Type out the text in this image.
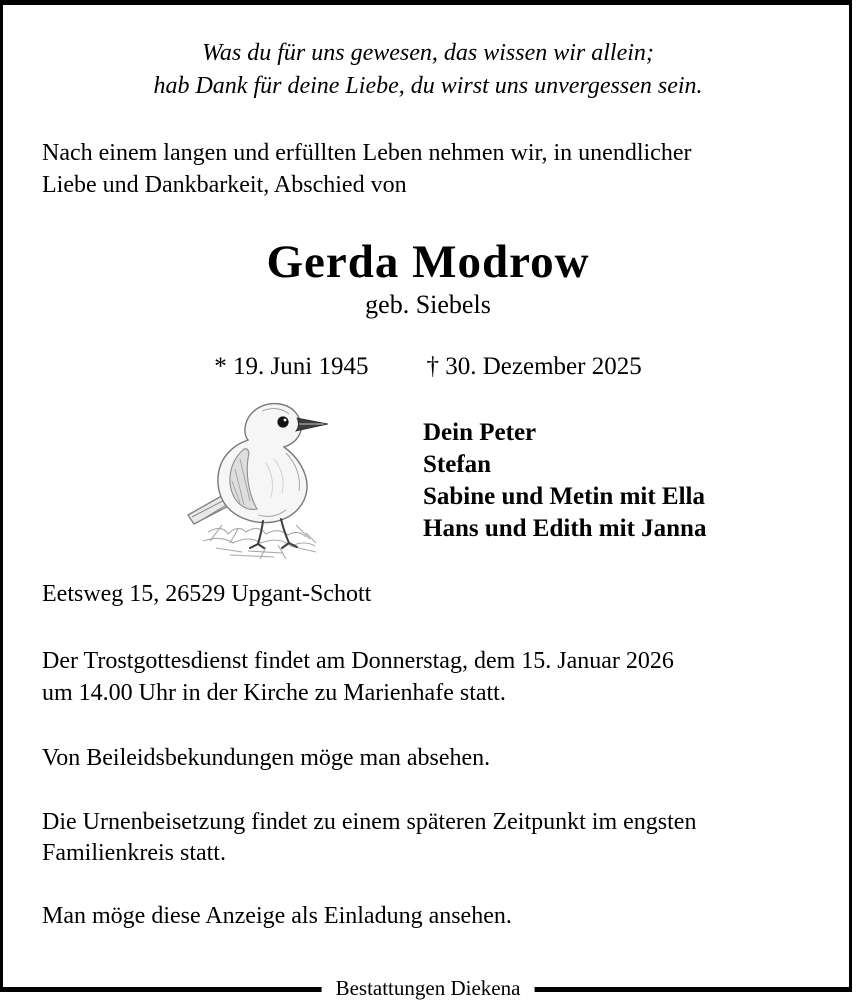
Was du für uns gewesen, das wissen wir allein;
hab Dank für deine Liebe, du wirst uns unvergessen sein.
Nach einem langen und erfüllten Leben nehmen wir, in unendlicher
Liebe und Dankbarkeit, Abschied von
Gerda Modrow
geb. Siebels
* 19. Juni 1945 † 30. Dezember 2025
Dein Peter
Stefan
Sabine und Metin mit Ella
Hans und Edith mit Janna
Eetsweg 15, 26529 Upgant-Schott
Der Trostgottesdienst findet am Donnerstag, dem 15. Januar 2026
um 14.00 Uhr in der Kirche zu Marienhafe statt.
Von Beileidsbekundungen möge man absehen.
Die Urnenbeisetzung findet zu einem späteren Zeitpunkt im engsten
Familienkreis statt.
Man möge diese Anzeige als Einladung ansehen.
Bestattungen Diekena
